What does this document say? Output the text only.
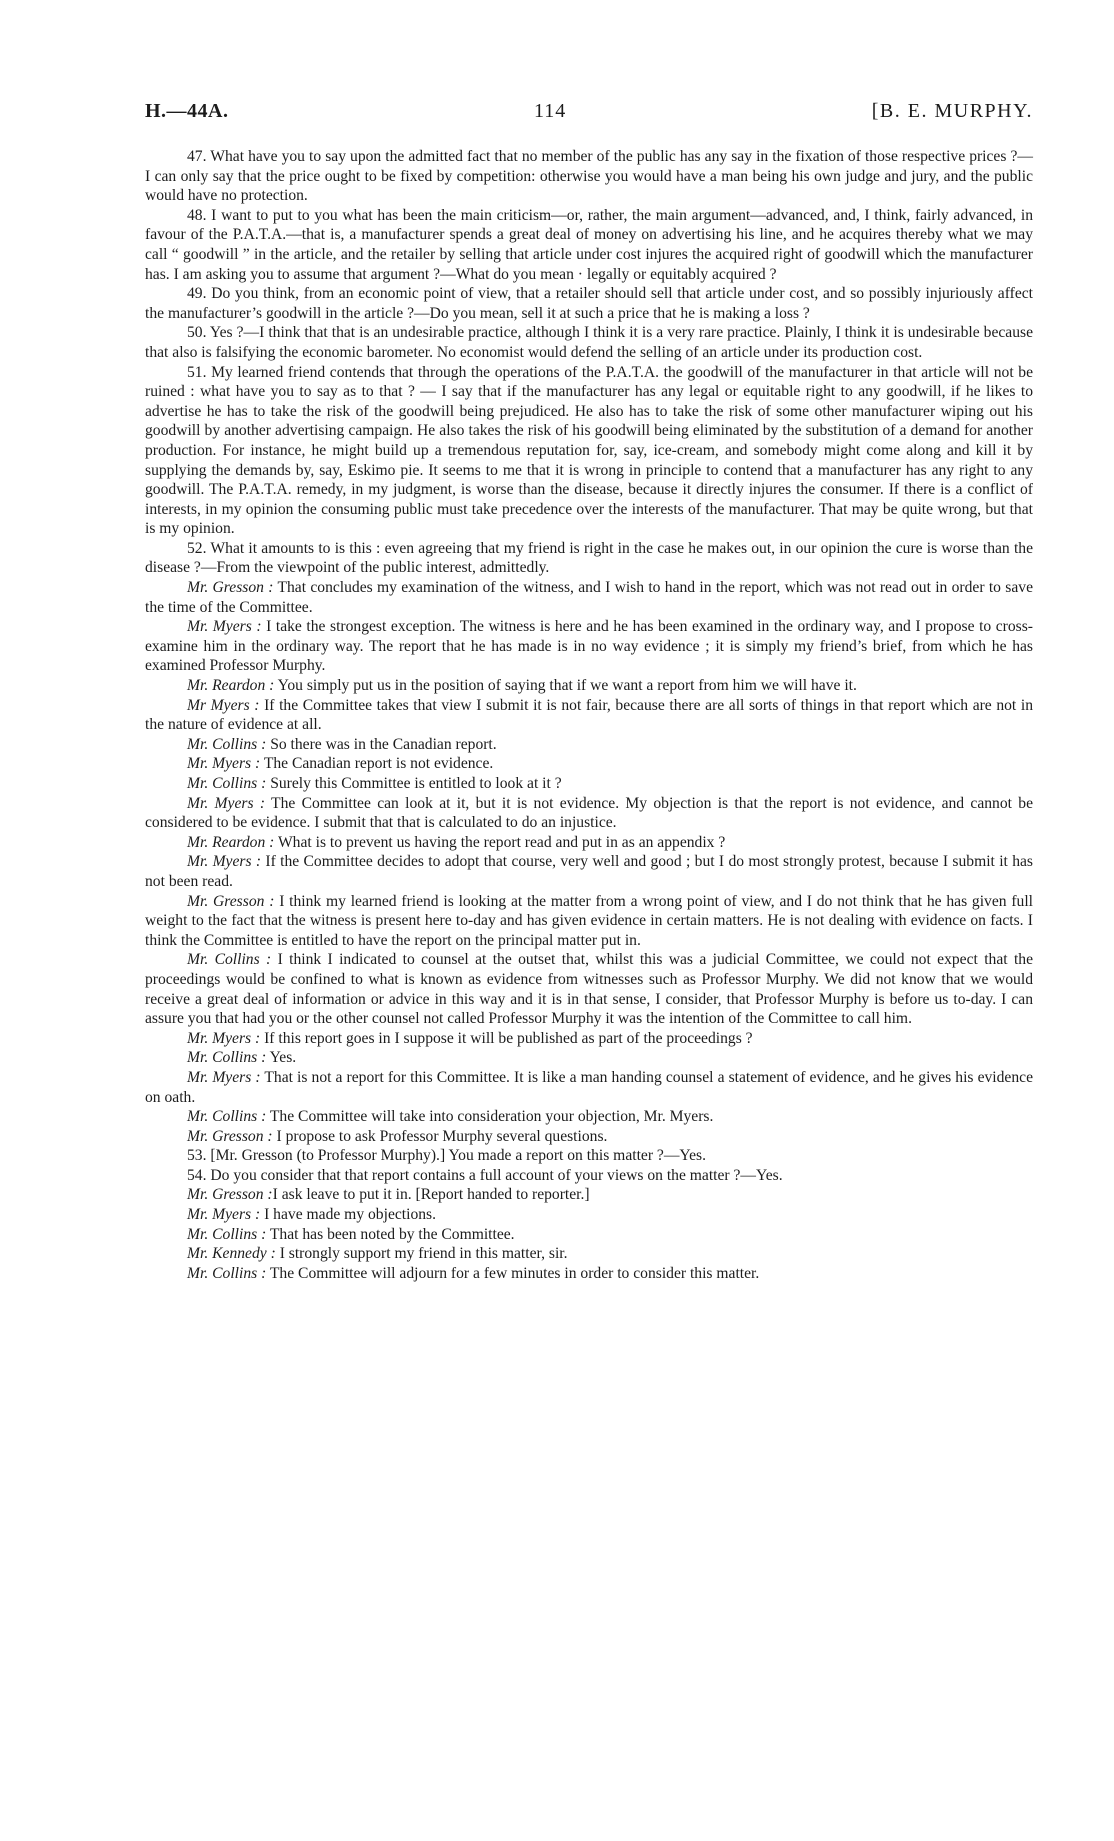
H.—44A.	114	[B. E. MURPHY.

47. What have you to say upon the admitted fact that no member of the public has any say in the fixation of those respective prices ?—I can only say that the price ought to be fixed by competition: otherwise you would have a man being his own judge and jury, and the public would have no protection.

48. I want to put to you what has been the main criticism—or, rather, the main argument—advanced, and, I think, fairly advanced, in favour of the P.A.T.A.—that is, a manufacturer spends a great deal of money on advertising his line, and he acquires thereby what we may call “ goodwill ” in the article, and the retailer by selling that article under cost injures the acquired right of goodwill which the manufacturer has. I am asking you to assume that argument ?—What do you mean · legally or equitably acquired ?

49. Do you think, from an economic point of view, that a retailer should sell that article under cost, and so possibly injuriously affect the manufacturer’s goodwill in the article ?—Do you mean, sell it at such a price that he is making a loss ?

50. Yes ?—I think that that is an undesirable practice, although I think it is a very rare practice. Plainly, I think it is undesirable because that also is falsifying the economic barometer. No economist would defend the selling of an article under its production cost.

51. My learned friend contends that through the operations of the P.A.T.A. the goodwill of the manufacturer in that article will not be ruined : what have you to say as to that ? — I say that if the manufacturer has any legal or equitable right to any goodwill, if he likes to advertise he has to take the risk of the goodwill being prejudiced. He also has to take the risk of some other manufacturer wiping out his goodwill by another advertising campaign. He also takes the risk of his goodwill being eliminated by the substitution of a demand for another production. For instance, he might build up a tremendous reputation for, say, ice-cream, and somebody might come along and kill it by supplying the demands by, say, Eskimo pie. It seems to me that it is wrong in principle to contend that a manufacturer has any right to any goodwill. The P.A.T.A. remedy, in my judgment, is worse than the disease, because it directly injures the consumer. If there is a conflict of interests, in my opinion the consuming public must take precedence over the interests of the manufacturer. That may be quite wrong, but that is my opinion.

52. What it amounts to is this : even agreeing that my friend is right in the case he makes out, in our opinion the cure is worse than the disease ?—From the viewpoint of the public interest, admittedly.

Mr. Gresson : That concludes my examination of the witness, and I wish to hand in the report, which was not read out in order to save the time of the Committee.

Mr. Myers : I take the strongest exception. The witness is here and he has been examined in the ordinary way, and I propose to cross-examine him in the ordinary way. The report that he has made is in no way evidence ; it is simply my friend’s brief, from which he has examined Professor Murphy.

Mr. Reardon : You simply put us in the position of saying that if we want a report from him we will have it.

Mr Myers : If the Committee takes that view I submit it is not fair, because there are all sorts of things in that report which are not in the nature of evidence at all.

Mr. Collins : So there was in the Canadian report.

Mr. Myers : The Canadian report is not evidence.

Mr. Collins : Surely this Committee is entitled to look at it ?

Mr. Myers : The Committee can look at it, but it is not evidence. My objection is that the report is not evidence, and cannot be considered to be evidence. I submit that that is calculated to do an injustice.

Mr. Reardon : What is to prevent us having the report read and put in as an appendix ?

Mr. Myers : If the Committee decides to adopt that course, very well and good ; but I do most strongly protest, because I submit it has not been read.

Mr. Gresson : I think my learned friend is looking at the matter from a wrong point of view, and I do not think that he has given full weight to the fact that the witness is present here to-day and has given evidence in certain matters. He is not dealing with evidence on facts. I think the Committee is entitled to have the report on the principal matter put in.

Mr. Collins : I think I indicated to counsel at the outset that, whilst this was a judicial Committee, we could not expect that the proceedings would be confined to what is known as evidence from witnesses such as Professor Murphy. We did not know that we would receive a great deal of information or advice in this way and it is in that sense, I consider, that Professor Murphy is before us to-day. I can assure you that had you or the other counsel not called Professor Murphy it was the intention of the Committee to call him.

Mr. Myers : If this report goes in I suppose it will be published as part of the proceedings ?

Mr. Collins : Yes.

Mr. Myers : That is not a report for this Committee. It is like a man handing counsel a statement of evidence, and he gives his evidence on oath.

Mr. Collins : The Committee will take into consideration your objection, Mr. Myers.

Mr. Gresson : I propose to ask Professor Murphy several questions.

53. [Mr. Gresson (to Professor Murphy).] You made a report on this matter ?—Yes.

54. Do you consider that that report contains a full account of your views on the matter ?—Yes.

Mr. Gresson :I ask leave to put it in. [Report handed to reporter.]

Mr. Myers : I have made my objections.

Mr. Collins : That has been noted by the Committee.

Mr. Kennedy : I strongly support my friend in this matter, sir.

Mr. Collins : The Committee will adjourn for a few minutes in order to consider this matter.
